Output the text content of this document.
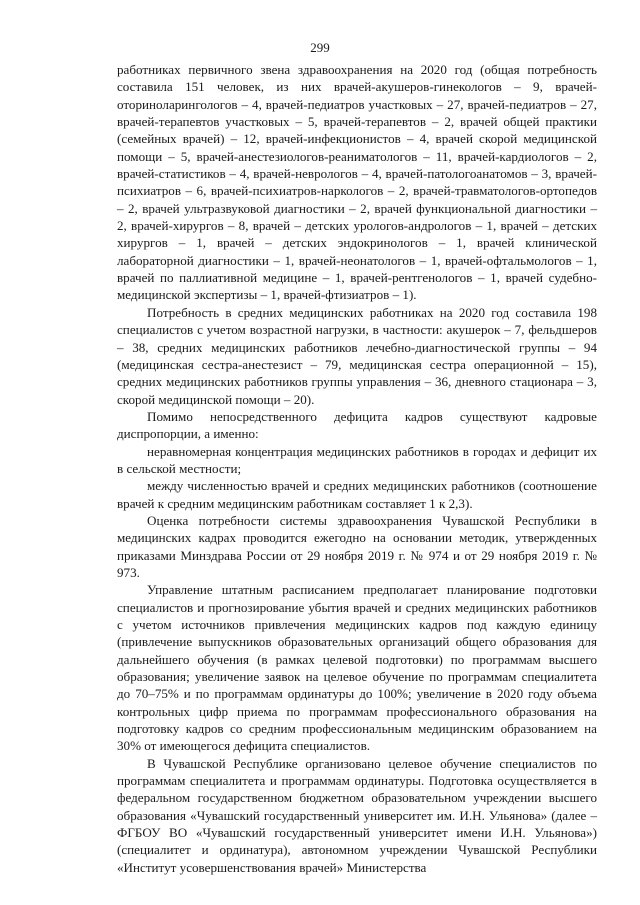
299

работниках первичного звена здравоохранения на 2020 год (общая потребность составила 151 человек, из них врачей-акушеров-гинекологов – 9, врачей-оториноларингологов – 4, врачей-педиатров участковых – 27, врачей-педиатров – 27, врачей-терапевтов участковых – 5, врачей-терапевтов – 2, врачей общей практики (семейных врачей) – 12, врачей-инфекционистов – 4, врачей скорой медицинской помощи – 5, врачей-анестезиологов-реаниматологов – 11, врачей-кардиологов – 2, врачей-статистиков – 4, врачей-неврологов – 4, врачей-патологоанатомов – 3, врачей-психиатров – 6, врачей-психиатров-наркологов – 2, врачей-травматологов-ортопедов – 2, врачей ультразвуковой диагностики – 2, врачей функциональной диагностики – 2, врачей-хирургов – 8, врачей – детских урологов-андрологов – 1, врачей – детских хирургов – 1, врачей – детских эндокринологов – 1, врачей клинической лабораторной диагностики – 1, врачей-неонатологов – 1, врачей-офтальмологов – 1, врачей по паллиативной медицине – 1, врачей-рентгенологов – 1, врачей судебно-медицинской экспертизы – 1, врачей-фтизиатров – 1).

Потребность в средних медицинских работниках на 2020 год составила 198 специалистов с учетом возрастной нагрузки, в частности: акушерок – 7, фельдшеров – 38, средних медицинских работников лечебно-диагностической группы – 94 (медицинская сестра-анестезист – 79, медицинская сестра операционной – 15), средних медицинских работников группы управления – 36, дневного стационара – 3, скорой медицинской помощи – 20).

Помимо непосредственного дефицита кадров существуют кадровые диспропорции, а именно:

неравномерная концентрация медицинских работников в городах и дефицит их в сельской местности;

между численностью врачей и средних медицинских работников (соотношение врачей к средним медицинским работникам составляет 1 к 2,3).

Оценка потребности системы здравоохранения Чувашской Республики в медицинских кадрах проводится ежегодно на основании методик, утвержденных приказами Минздрава России от 29 ноября 2019 г. № 974 и от 29 ноября 2019 г. № 973.

Управление штатным расписанием предполагает планирование подготовки специалистов и прогнозирование убытия врачей и средних медицинских работников с учетом источников привлечения медицинских кадров под каждую единицу (привлечение выпускников образовательных организаций общего образования для дальнейшего обучения (в рамках целевой подготовки) по программам высшего образования; увеличение заявок на целевое обучение по программам специалитета до 70–75% и по программам ординатуры до 100%; увеличение в 2020 году объема контрольных цифр приема по программам профессионального образования на подготовку кадров со средним профессиональным медицинским образованием на 30% от имеющегося дефицита специалистов.

В Чувашской Республике организовано целевое обучение специалистов по программам специалитета и программам ординатуры. Подготовка осуществляется в федеральном государственном бюджетном образовательном учреждении высшего образования «Чувашский государственный университет им. И.Н. Ульянова» (далее – ФГБОУ ВО «Чувашский государственный университет имени И.Н. Ульянова») (специалитет и ординатура), автономном учреждении Чувашской Республики «Институт усовершенствования врачей» Министерства
